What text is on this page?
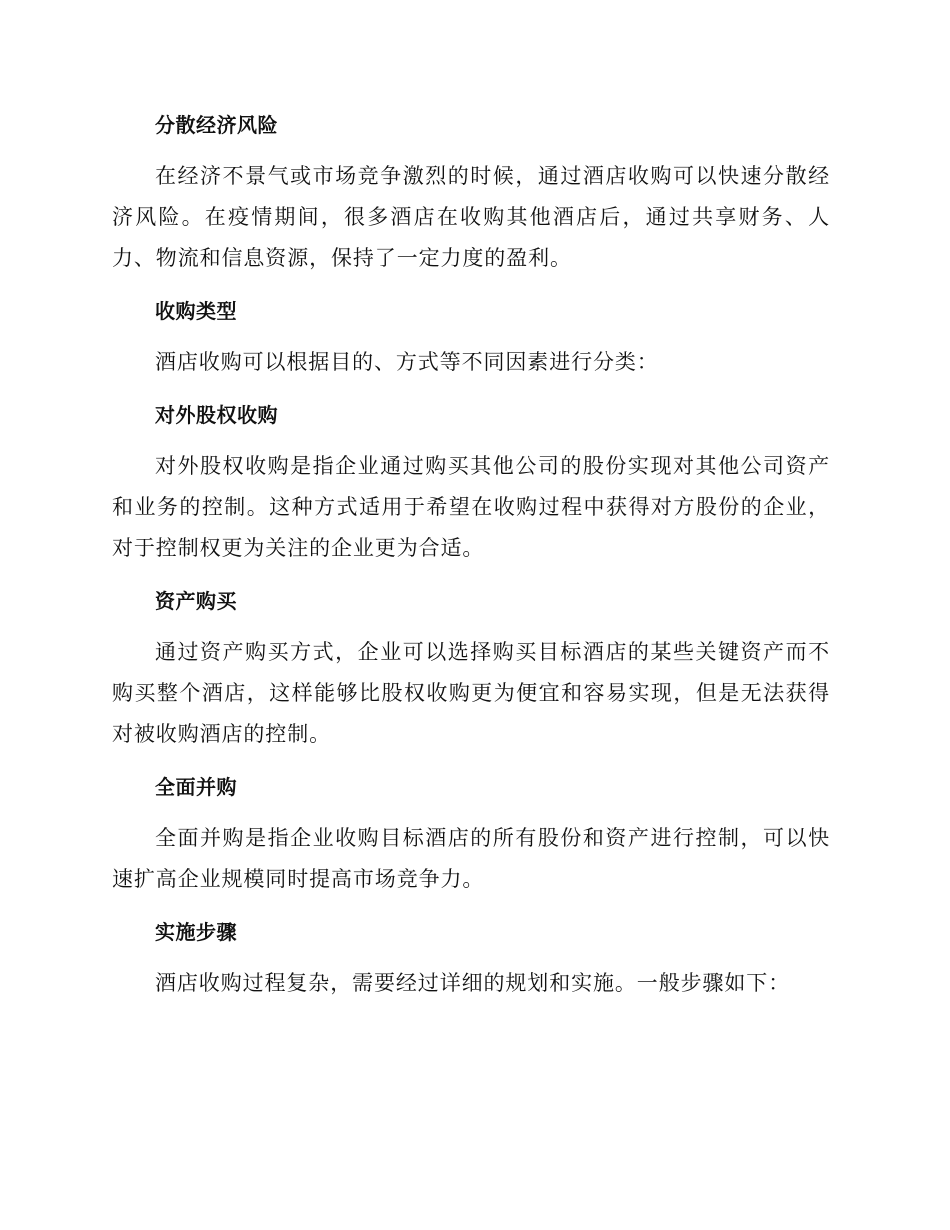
分散经济风险

在经济不景气或市场竞争激烈的时候，通过酒店收购可以快速分散经济风险。在疫情期间，很多酒店在收购其他酒店后，通过共享财务、人力、物流和信息资源，保持了一定力度的盈利。

收购类型

酒店收购可以根据目的、方式等不同因素进行分类：

对外股权收购

对外股权收购是指企业通过购买其他公司的股份实现对其他公司资产和业务的控制。这种方式适用于希望在收购过程中获得对方股份的企业，对于控制权更为关注的企业更为合适。

资产购买

通过资产购买方式，企业可以选择购买目标酒店的某些关键资产而不购买整个酒店，这样能够比股权收购更为便宜和容易实现，但是无法获得对被收购酒店的控制。

全面并购

全面并购是指企业收购目标酒店的所有股份和资产进行控制，可以快速扩高企业规模同时提高市场竞争力。

实施步骤

酒店收购过程复杂，需要经过详细的规划和实施。一般步骤如下：
